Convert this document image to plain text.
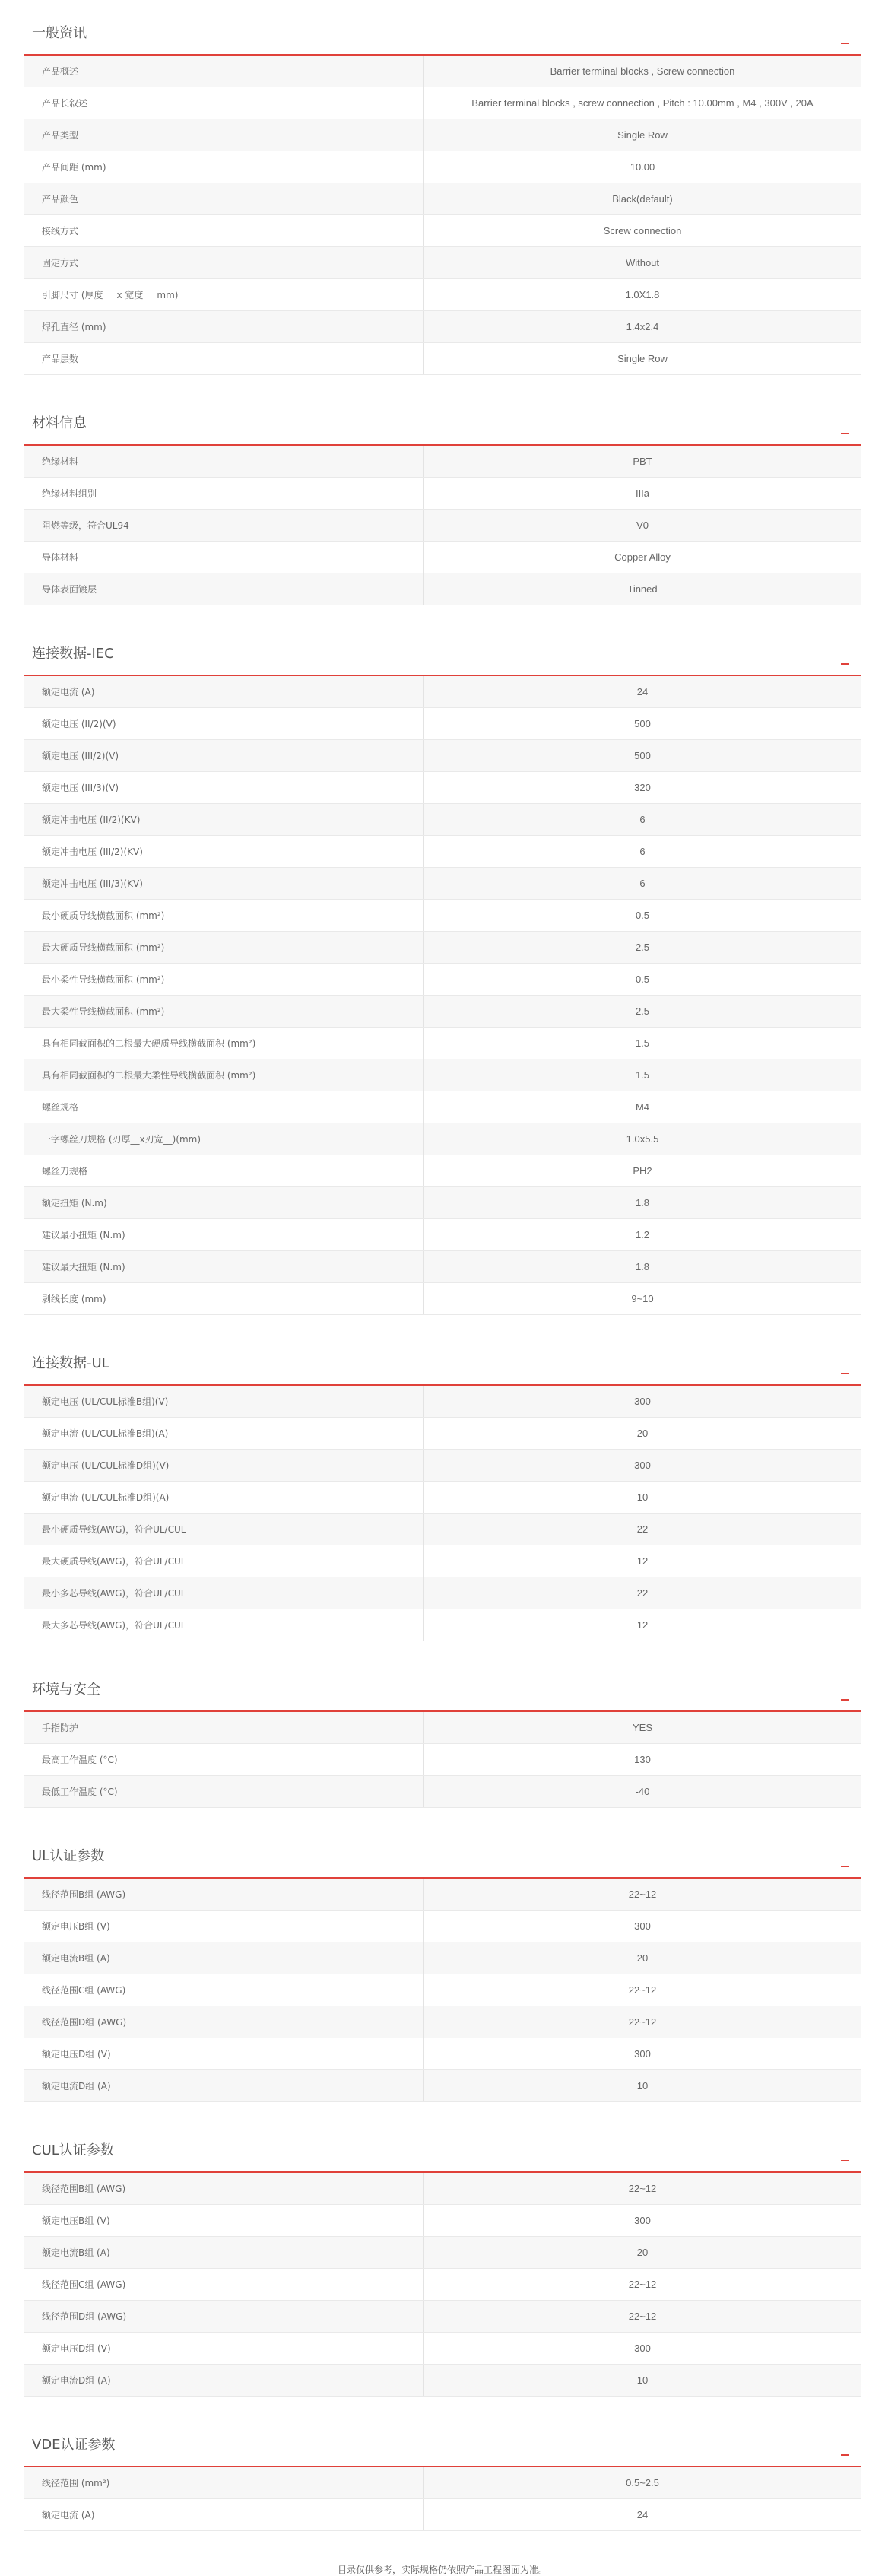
一般资讯
产品概述	Barrier terminal blocks , Screw connection
产品长叙述	Barrier terminal blocks , screw connection , Pitch : 10.00mm , M4 , 300V , 20A
产品类型	Single Row
产品间距 (mm)	10.00
产品颜色	Black(default)
接线方式	Screw connection
固定方式	Without
引脚尺寸 (厚度___x 宽度___mm)	1.0X1.8
焊孔直径 (mm)	1.4x2.4
产品层数	Single Row
材料信息
绝缘材料	PBT
绝缘材料组别	IIIa
阻燃等级，符合UL94	V0
导体材料	Copper Alloy
导体表面镀层	Tinned
连接数据-IEC
额定电流 (A)	24
额定电压 (II/2)(V)	500
额定电压 (III/2)(V)	500
额定电压 (III/3)(V)	320
额定冲击电压 (II/2)(KV)	6
额定冲击电压 (III/2)(KV)	6
额定冲击电压 (III/3)(KV)	6
最小硬质导线横截面积 (mm²)	0.5
最大硬质导线横截面积 (mm²)	2.5
最小柔性导线横截面积 (mm²)	0.5
最大柔性导线横截面积 (mm²)	2.5
具有相同截面积的二根最大硬质导线横截面积 (mm²)	1.5
具有相同截面积的二根最大柔性导线横截面积 (mm²)	1.5
螺丝规格	M4
一字螺丝刀规格 (刃厚__x刃宽__)(mm)	1.0x5.5
螺丝刀规格	PH2
额定扭矩 (N.m)	1.8
建议最小扭矩 (N.m)	1.2
建议最大扭矩 (N.m)	1.8
剥线长度 (mm)	9~10
连接数据-UL
额定电压 (UL/CUL标准B组)(V)	300
额定电流 (UL/CUL标准B组)(A)	20
额定电压 (UL/CUL标准D组)(V)	300
额定电流 (UL/CUL标准D组)(A)	10
最小硬质导线(AWG)，符合UL/CUL	22
最大硬质导线(AWG)，符合UL/CUL	12
最小多芯导线(AWG)，符合UL/CUL	22
最大多芯导线(AWG)，符合UL/CUL	12
环境与安全
手指防护	YES
最高工作温度 (°C)	130
最低工作温度 (°C)	-40
UL认证参数
线径范围B组 (AWG)	22~12
额定电压B组 (V)	300
额定电流B组 (A)	20
线径范围C组 (AWG)	22~12
线径范围D组 (AWG)	22~12
额定电压D组 (V)	300
额定电流D组 (A)	10
CUL认证参数
线径范围B组 (AWG)	22~12
额定电压B组 (V)	300
额定电流B组 (A)	20
线径范围C组 (AWG)	22~12
线径范围D组 (AWG)	22~12
额定电压D组 (V)	300
额定电流D组 (A)	10
VDE认证参数
线径范围 (mm²)	0.5~2.5
额定电流 (A)	24
目录仅供参考，实际规格仍依照产品工程图面为准。
